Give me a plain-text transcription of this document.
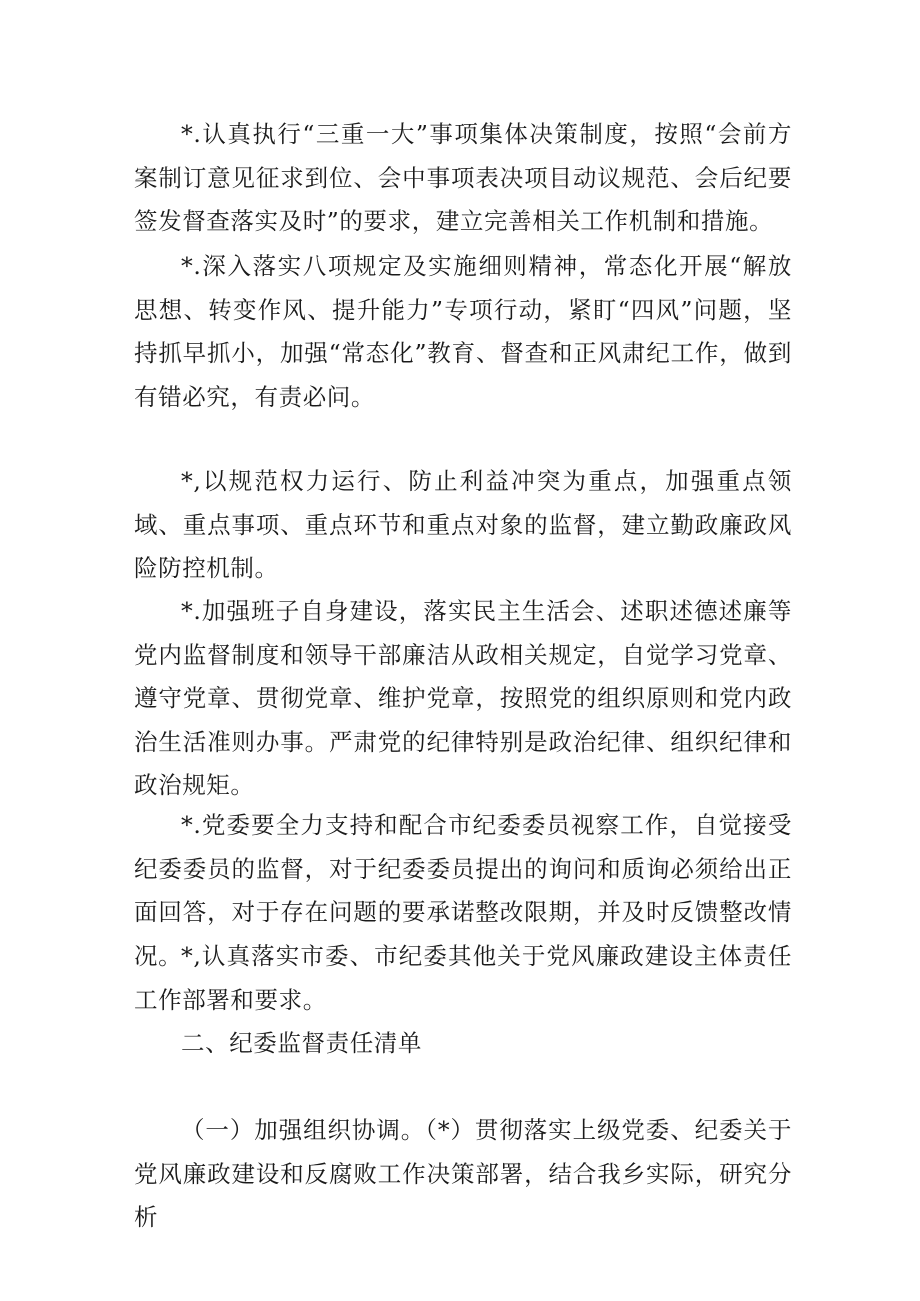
*.认真执行“三重一大”事项集体决策制度，按照“会前方案制订意见征求到位、会中事项表决项目动议规范、会后纪要签发督查落实及时”的要求，建立完善相关工作机制和措施。

*.深入落实八项规定及实施细则精神，常态化开展“解放思想、转变作风、提升能力”专项行动，紧盯“四风”问题，坚持抓早抓小，加强“常态化”教育、督查和正风肃纪工作，做到有错必究，有责必问。

*,以规范权力运行、防止利益冲突为重点，加强重点领域、重点事项、重点环节和重点对象的监督，建立勤政廉政风险防控机制。

*.加强班子自身建设，落实民主生活会、述职述德述廉等党内监督制度和领导干部廉洁从政相关规定，自觉学习党章、遵守党章、贯彻党章、维护党章，按照党的组织原则和党内政治生活准则办事。严肃党的纪律特别是政治纪律、组织纪律和政治规矩。

*.党委要全力支持和配合市纪委委员视察工作，自觉接受纪委委员的监督，对于纪委委员提出的询问和质询必须给出正面回答，对于存在问题的要承诺整改限期，并及时反馈整改情况。

*,认真落实市委、市纪委其他关于党风廉政建设主体责任工作部署和要求。

二、纪委监督责任清单

（一）加强组织协调。（*）贯彻落实上级党委、纪委关于党风廉政建设和反腐败工作决策部署，结合我乡实际，研究分析
